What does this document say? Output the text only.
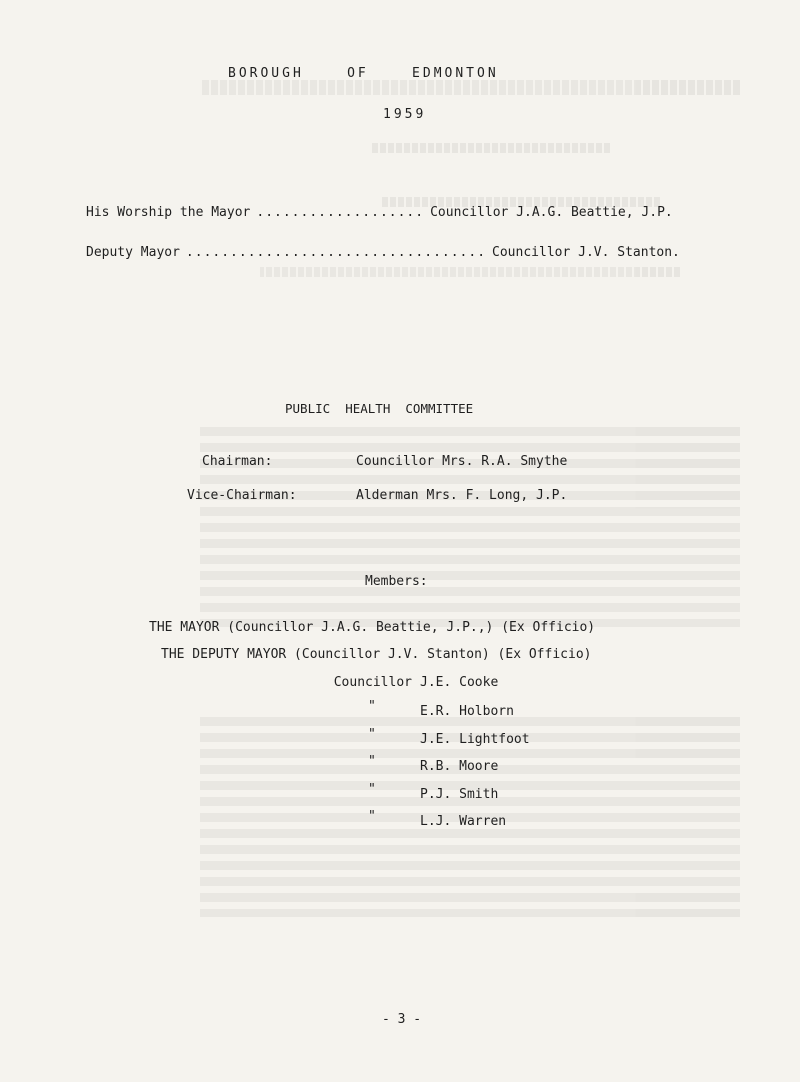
BOROUGH    OF    EDMONTON
1959
His Worship the Mayor ................... Councillor J.A.G. Beattie, J.P.
Deputy Mayor .................................. Councillor J.V. Stanton.
PUBLIC  HEALTH  COMMITTEE
Chairman:	Councillor Mrs. R.A. Smythe
Vice-Chairman:	Alderman Mrs. F. Long, J.P.
Members:
THE MAYOR (Councillor J.A.G. Beattie, J.P.,) (Ex Officio)
THE DEPUTY MAYOR (Councillor J.V. Stanton) (Ex Officio)
Councillor J.E. Cooke
"	E.R. Holborn
"	J.E. Lightfoot
"	R.B. Moore
"	P.J. Smith
"	L.J. Warren
- 3 -
